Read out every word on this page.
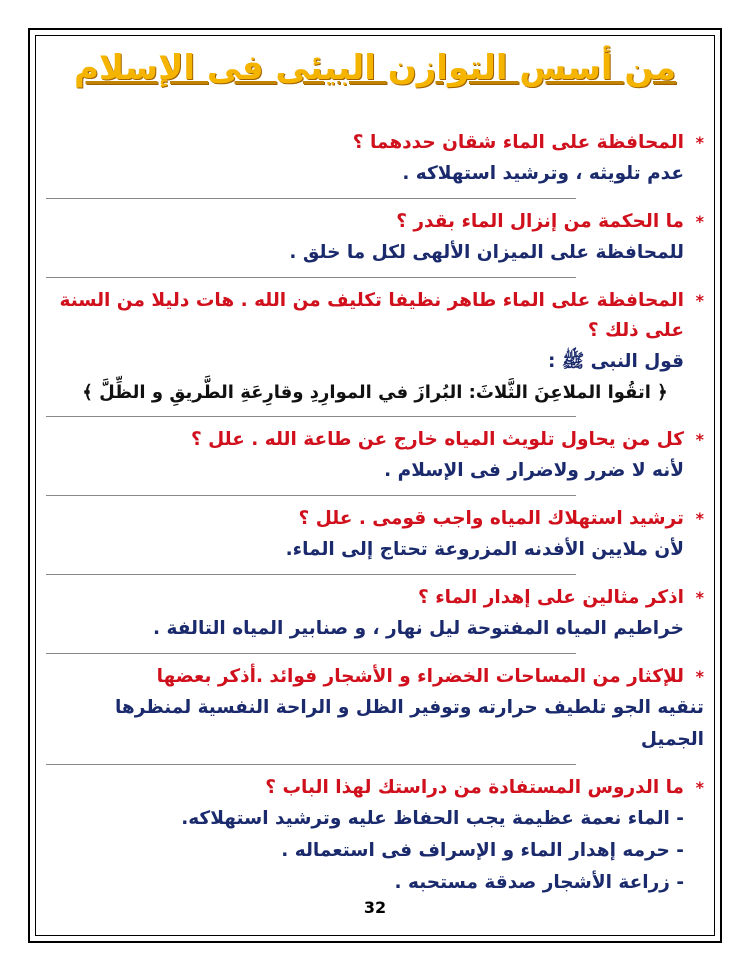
من أسس التوازن البيئى فى الإسلام
*
المحافظة على الماء شقان حددهما ؟
عدم تلويثه ، وترشيد استهلاكه .
*
ما الحكمة من إنزال الماء بقدر ؟
للمحافظة على الميزان الألهى لكل ما خلق .
*
المحافظة على الماء طاهر نظيفا تكليف من الله . هات دليلا من السنة على ذلك ؟
قول النبى ﷺ :
﴿ اتقُوا الملاعِنَ الثَّلاثَ: البُرازَ في الموارِدِ وقارِعَةِ الطَّريقِ و الظِّلَّ ﴾
*
كل من يحاول تلويث المياه خارج عن طاعة الله . علل ؟
لأنه لا ضرر ولاضرار فى الإسلام .
*
ترشيد استهلاك المياه واجب قومى . علل ؟
لأن ملايين الأفدنه المزروعة تحتاج إلى الماء.
*
اذكر مثالين على إهدار الماء ؟
خراطيم المياه المفتوحة ليل نهار ، و صنابير المياه التالفة .
*
للإكثار من المساحات الخضراء و الأشجار فوائد .أذكر بعضها
تنقيه الجو تلطيف حرارته وتوفير الظل و الراحة النفسية لمنظرها الجميل
*
ما الدروس المستفادة من دراستك لهذا الباب ؟
- الماء نعمة عظيمة يجب الحفاظ عليه وترشيد استهلاكه.
- حرمه إهدار الماء و الإسراف فى استعماله .
- زراعة الأشجار صدقة مستحبه .
32
